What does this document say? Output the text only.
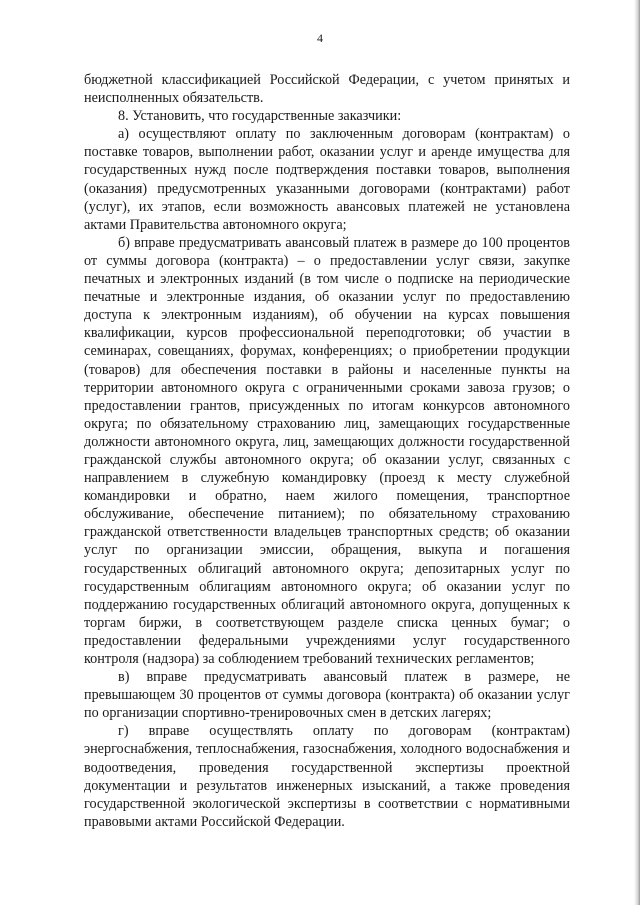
4

бюджетной классификацией Российской Федерации, с учетом принятых и неисполненных обязательств.

8. Установить, что государственные заказчики:

а) осуществляют оплату по заключенным договорам (контрактам) о поставке товаров, выполнении работ, оказании услуг и аренде имущества для государственных нужд после подтверждения поставки товаров, выполнения (оказания) предусмотренных указанными договорами (контрактами) работ (услуг), их этапов, если возможность авансовых платежей не установлена актами Правительства автономного округа;

б) вправе предусматривать авансовый платеж в размере до 100 процентов от суммы договора (контракта) – о предоставлении услуг связи, закупке печатных и электронных изданий (в том числе о подписке на периодические печатные и электронные издания, об оказании услуг по предоставлению доступа к электронным изданиям), об обучении на курсах повышения квалификации, курсов профессиональной переподготовки; об участии в семинарах, совещаниях, форумах, конференциях; о приобретении продукции (товаров) для обеспечения поставки в районы и населенные пункты на территории автономного округа с ограниченными сроками завоза грузов; о предоставлении грантов, присужденных по итогам конкурсов автономного округа; по обязательному страхованию лиц, замещающих государственные должности автономного округа, лиц, замещающих должности государственной гражданской службы автономного округа; об оказании услуг, связанных с направлением в служебную командировку (проезд к месту служебной командировки и обратно, наем жилого помещения, транспортное обслуживание, обеспечение питанием); по обязательному страхованию гражданской ответственности владельцев транспортных средств; об оказании услуг по организации эмиссии, обращения, выкупа и погашения государственных облигаций автономного округа; депозитарных услуг по государственным облигациям автономного округа; об оказании услуг по поддержанию государственных облигаций автономного округа, допущенных к торгам биржи, в соответствующем разделе списка ценных бумаг; о предоставлении федеральными учреждениями услуг государственного контроля (надзора) за соблюдением требований технических регламентов;

в) вправе предусматривать авансовый платеж в размере, не превышающем 30 процентов от суммы договора (контракта) об оказании услуг по организации спортивно-тренировочных смен в детских лагерях;

г) вправе осуществлять оплату по договорам (контрактам) энергоснабжения, теплоснабжения, газоснабжения, холодного водоснабжения и водоотведения, проведения государственной экспертизы проектной документации и результатов инженерных изысканий, а также проведения государственной экологической экспертизы в соответствии с нормативными правовыми актами Российской Федерации.
